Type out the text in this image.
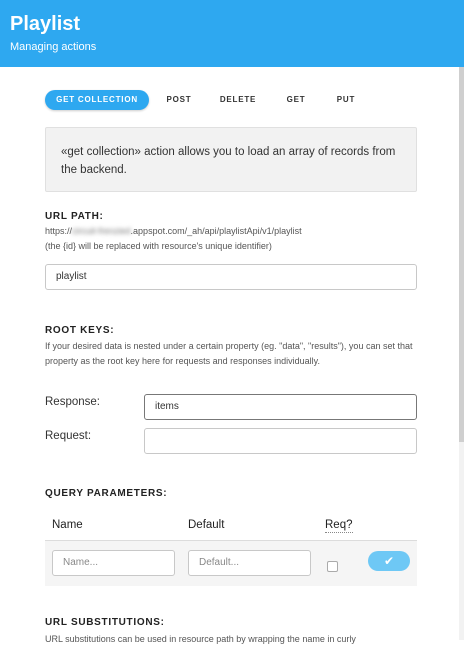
Playlist
Managing actions
GET COLLECTION	POST	DELETE	GET	PUT
«get collection» action allows you to load an array of records from the backend.
URL PATH:
https://circuit-frenzied.appspot.com/_ah/api/playlistApi/v1/playlist
(the {id} will be replaced with resource's unique identifier)
playlist
ROOT KEYS:
If your desired data is nested under a certain property (eg. "data", "results"), you can set that property as the root key here for requests and responses individually.
Response:	items
Request:
QUERY PARAMETERS:
Name	Default	Req?
Name...	Default...	✔
URL SUBSTITUTIONS:
URL substitutions can be used in resource path by wrapping the name in curly
